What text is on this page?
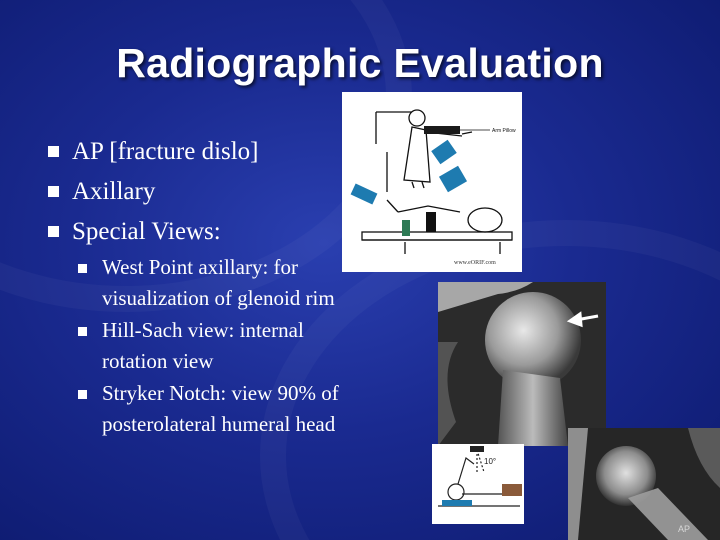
Radiographic Evaluation
AP [fracture dislo]
Axillary
Special Views:
West Point axillary: for visualization of glenoid rim
Hill-Sach view: internal rotation view
Stryker Notch: view 90% of posterolateral humeral head
Arm Pillow
www.eORIF.com
10°
AP
